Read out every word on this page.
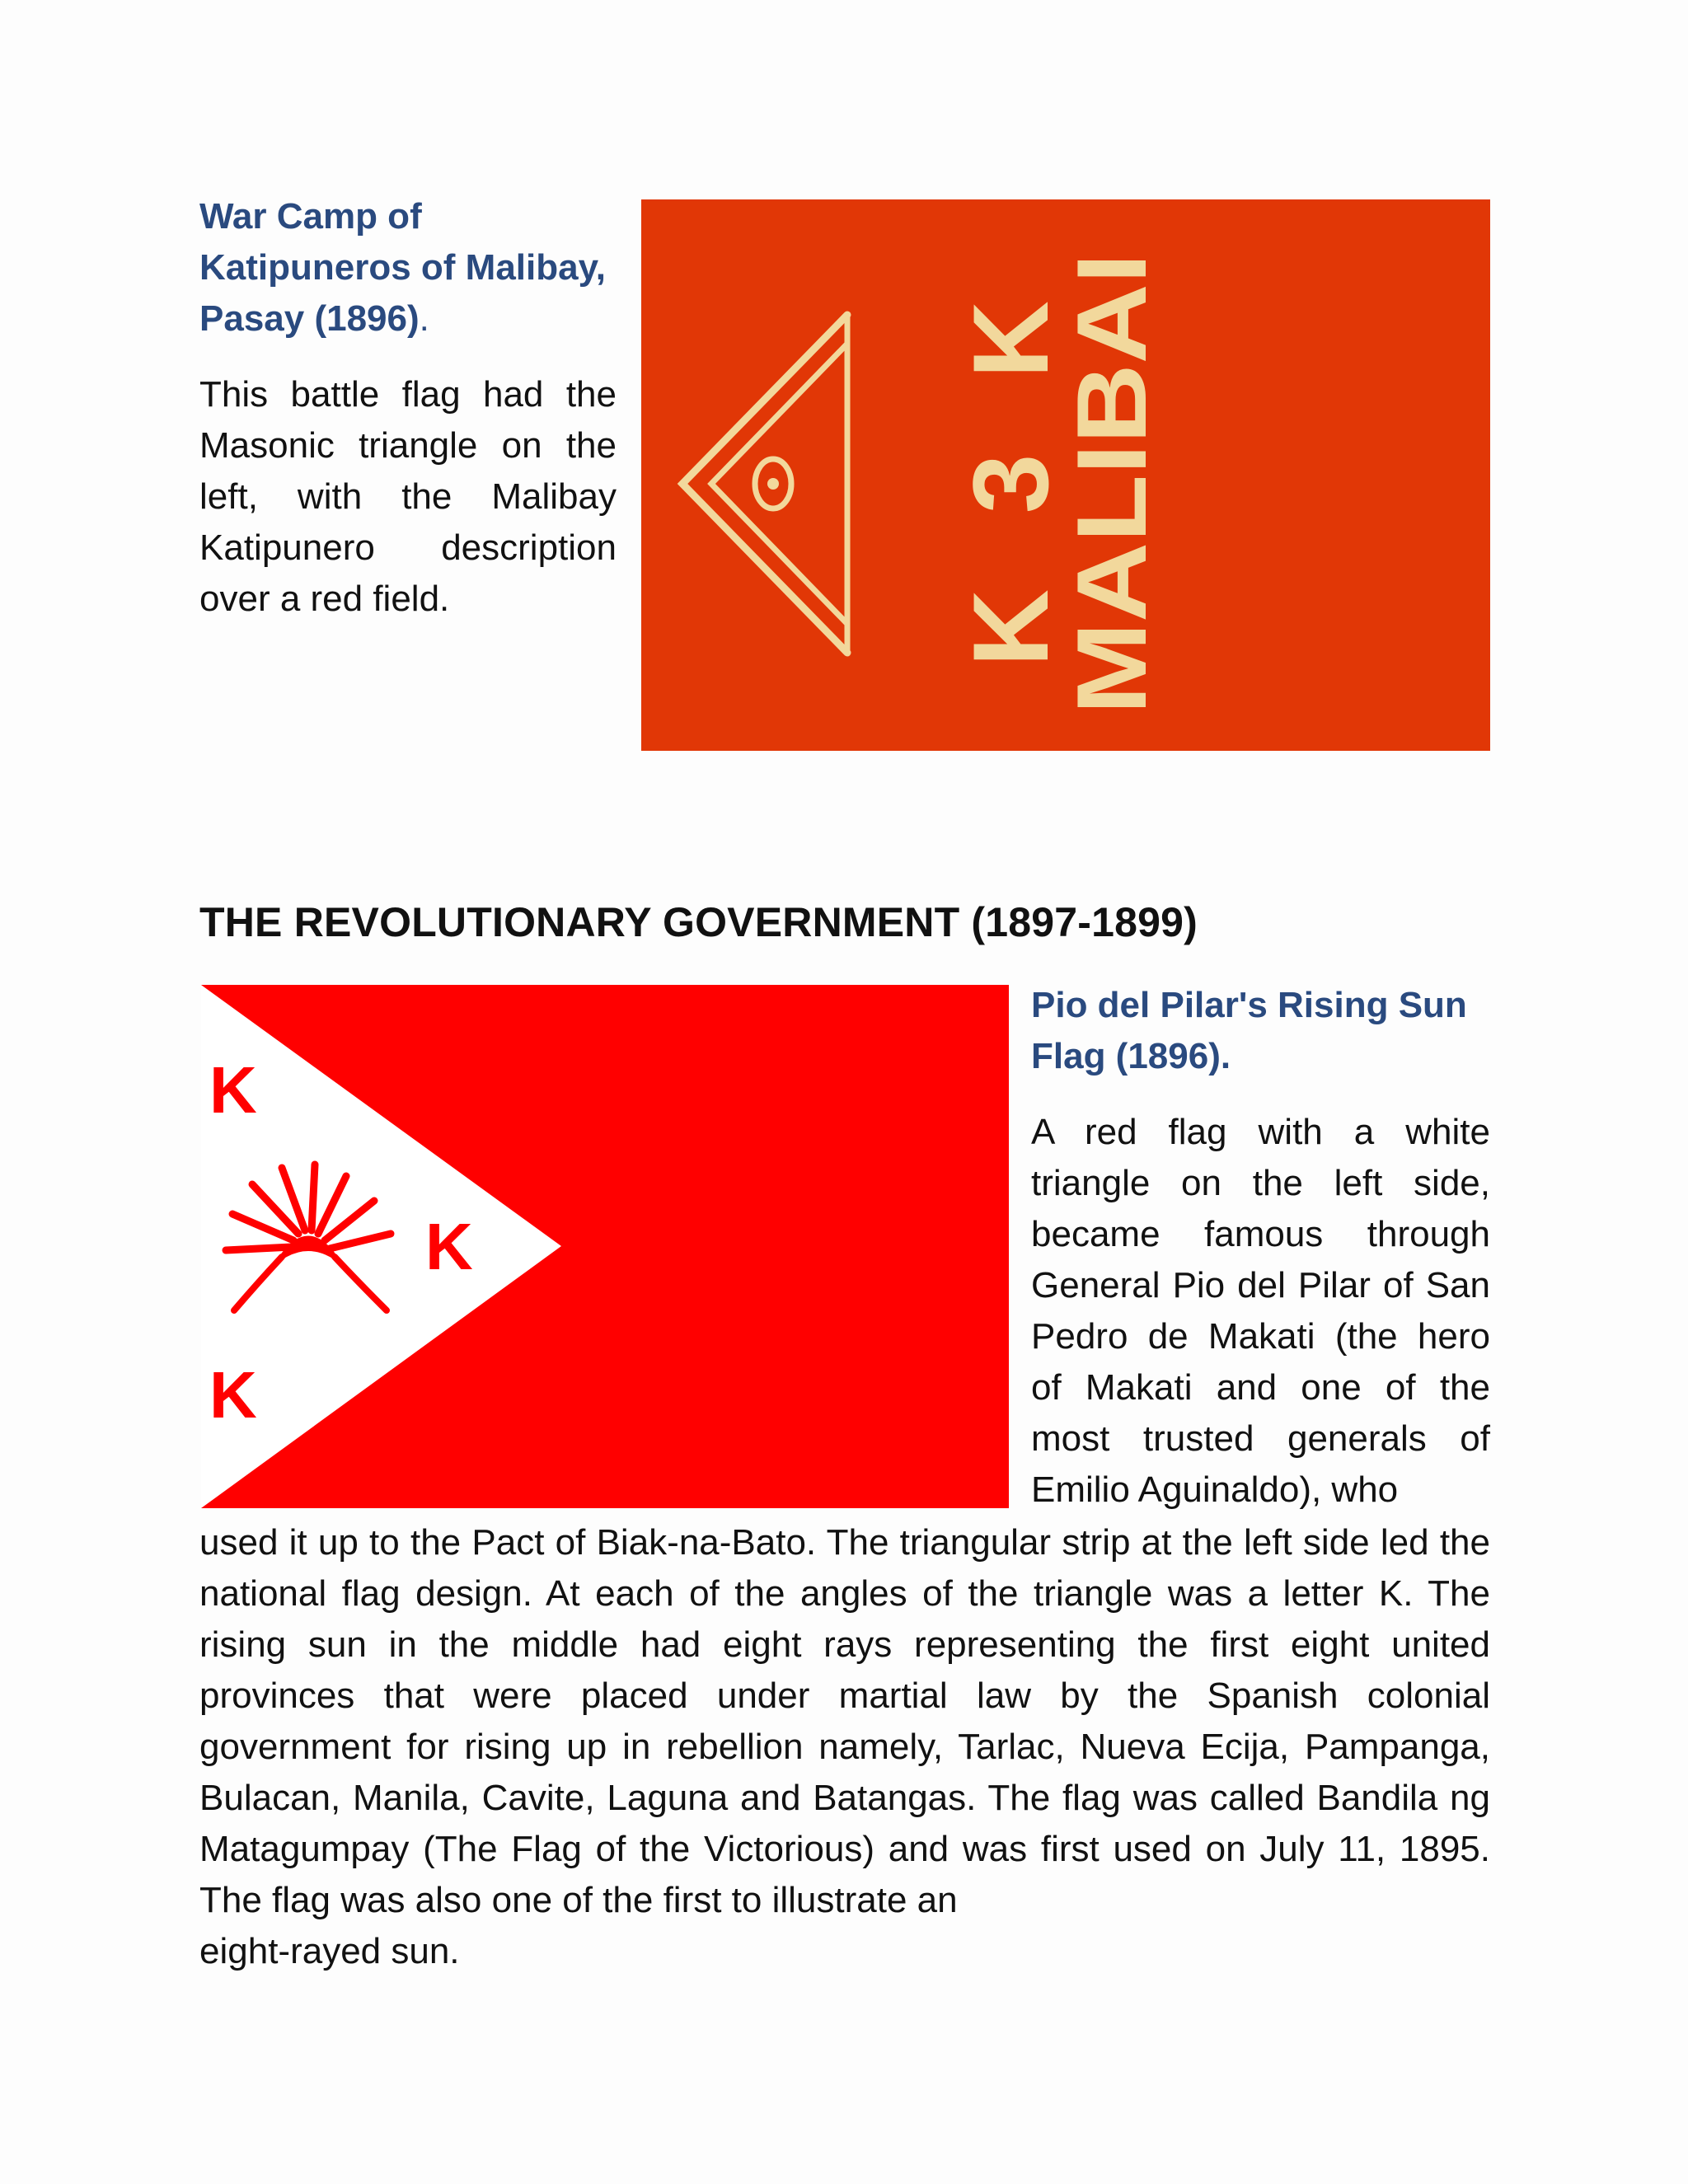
War Camp of Katipuneros of Malibay, Pasay (1896).

This battle flag had the Masonic triangle on the left, with the Malibay Katipunero description over a red field.	K
3
K
MALIBAI
THE REVOLUTIONARY GOVERNMENT (1897-1899)
K
K
K

Pio del Pilar's Rising Sun Flag (1896).

A red flag with a white triangle on the left side, became famous through General Pio del Pilar of San Pedro de Makati (the hero of Makati and one of the most trusted generals of Emilio Aguinaldo), who

used it up to the Pact of Biak-na-Bato. The triangular strip at the left side led the national flag design. At each of the angles of the triangle was a letter K. The rising sun in the middle had eight rays representing the first eight united provinces that were placed under martial law by the Spanish colonial government for rising up in rebellion namely, Tarlac, Nueva Ecija, Pampanga, Bulacan, Manila, Cavite, Laguna and Batangas. The flag was called Bandila ng Matagumpay (The Flag of the Victorious) and was first used on July 11, 1895. The flag was also one of the first to illustrate an

eight-rayed sun.
